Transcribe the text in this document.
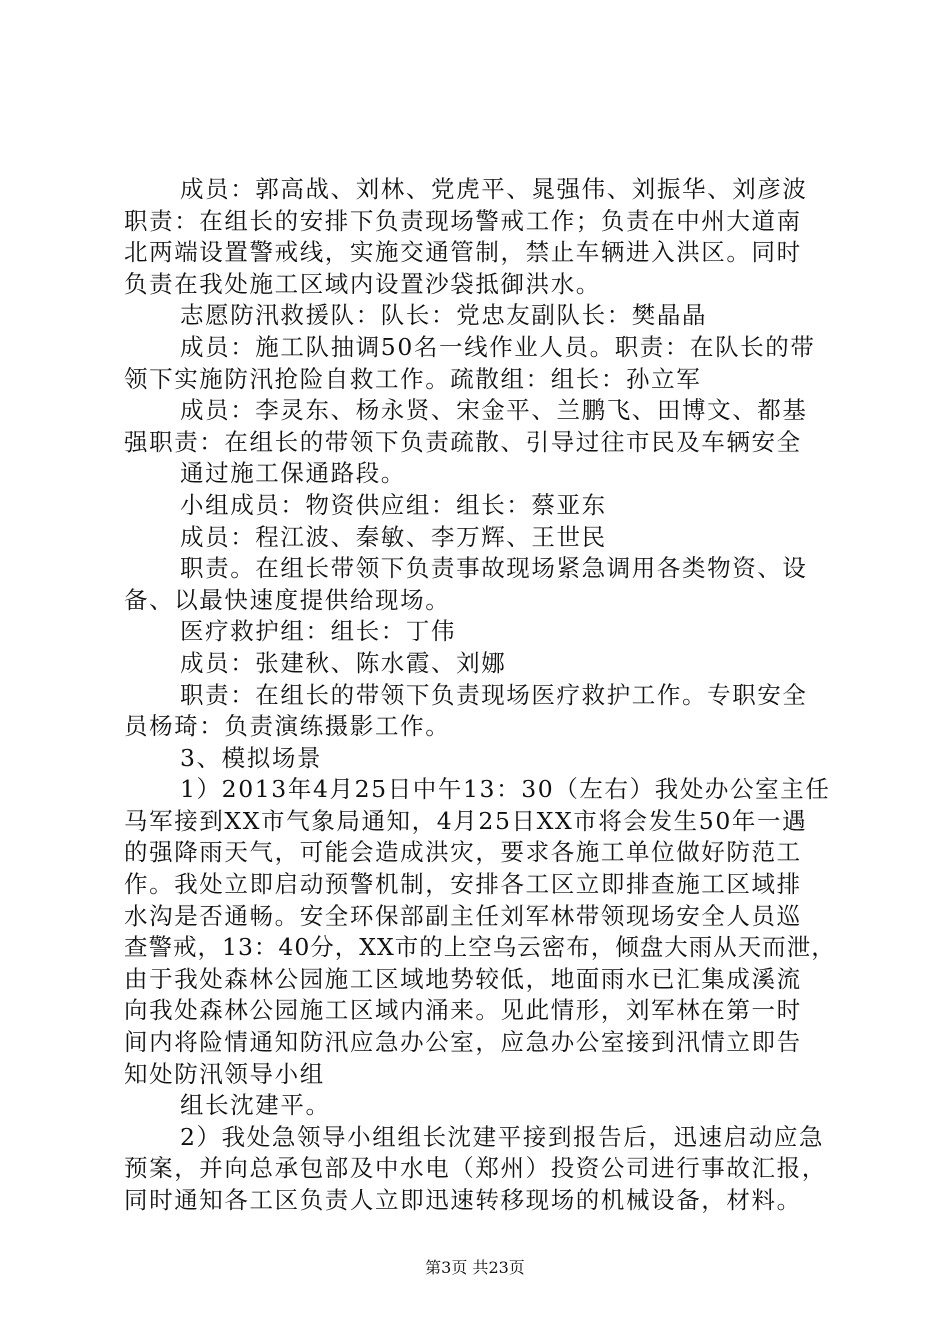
成员：郭高战、刘林、党虎平、晁强伟、刘振华、刘彦波
职责：在组长的安排下负责现场警戒工作；负责在中州大道南
北两端设置警戒线，实施交通管制，禁止车辆进入洪区。同时
负责在我处施工区域内设置沙袋抵御洪水。
志愿防汛救援队：队长：党忠友副队长：樊晶晶
成员：施工队抽调50名一线作业人员。职责：在队长的带
领下实施防汛抢险自救工作。疏散组：组长：孙立军
成员：李灵东、杨永贤、宋金平、兰鹏飞、田博文、都基
强职责：在组长的带领下负责疏散、引导过往市民及车辆安全
通过施工保通路段。
小组成员：物资供应组：组长：蔡亚东
成员：程江波、秦敏、李万辉、王世民
职责。在组长带领下负责事故现场紧急调用各类物资、设
备、以最快速度提供给现场。
医疗救护组：组长：丁伟
成员：张建秋、陈水霞、刘娜
职责：在组长的带领下负责现场医疗救护工作。专职安全
员杨琦：负责演练摄影工作。
3、模拟场景
1）2013年4月25日中午13：30（左右）我处办公室主任
马军接到XX市气象局通知，4月25日XX市将会发生50年一遇
的强降雨天气，可能会造成洪灾，要求各施工单位做好防范工
作。我处立即启动预警机制，安排各工区立即排查施工区域排
水沟是否通畅。安全环保部副主任刘军林带领现场安全人员巡
查警戒，13：40分，XX市的上空乌云密布，倾盘大雨从天而泄，
由于我处森林公园施工区域地势较低，地面雨水已汇集成溪流
向我处森林公园施工区域内涌来。见此情形，刘军林在第一时
间内将险情通知防汛应急办公室，应急办公室接到汛情立即告
知处防汛领导小组
组长沈建平。
2）我处急领导小组组长沈建平接到报告后，迅速启动应急
预案，并向总承包部及中水电（郑州）投资公司进行事故汇报，
同时通知各工区负责人立即迅速转移现场的机械设备，材料。
第3页 共23页
